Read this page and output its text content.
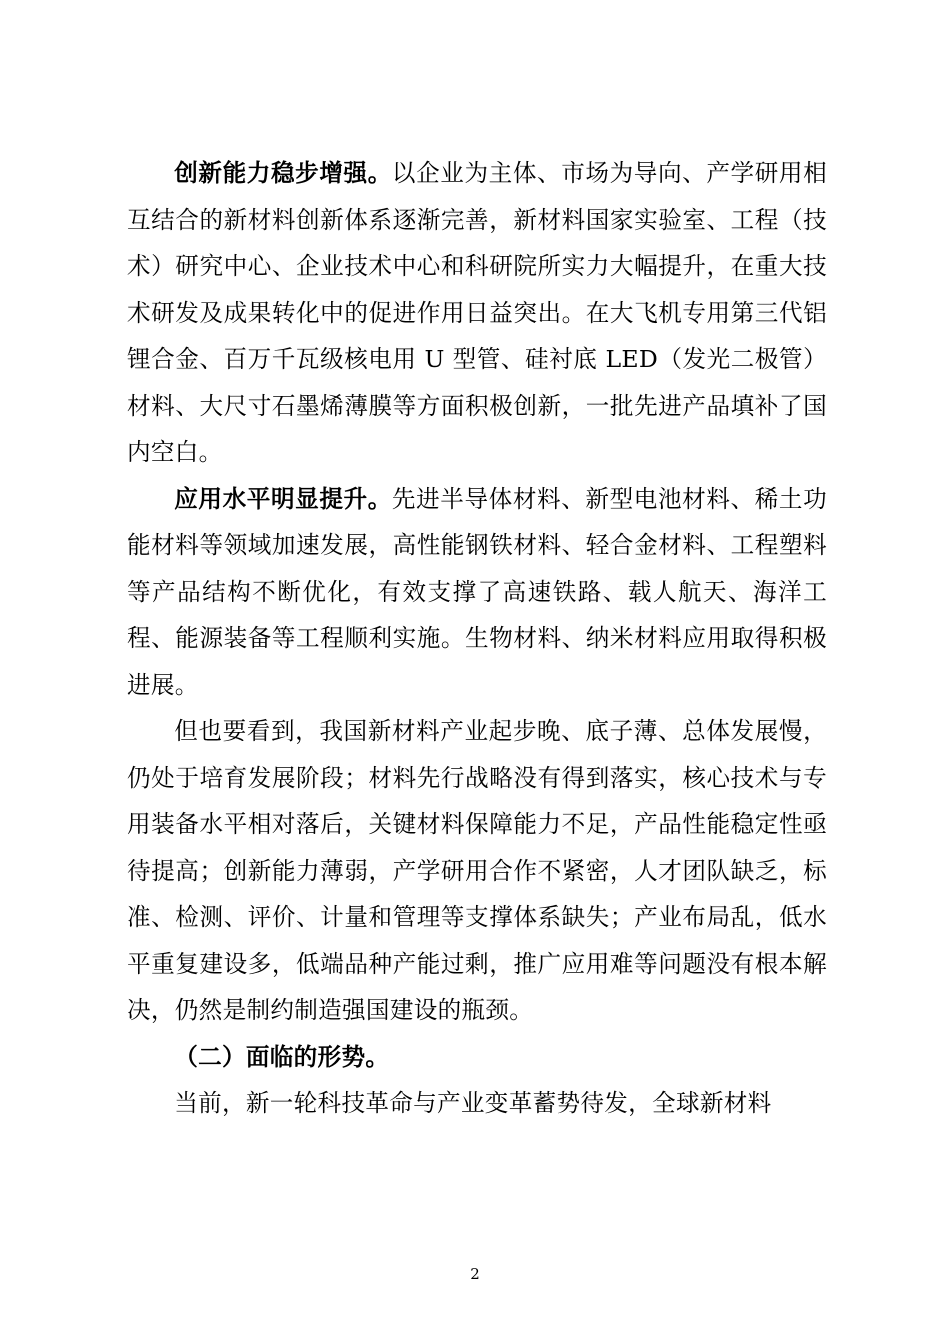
创新能力稳步增强。以企业为主体、市场为导向、产学研用相互结合的新材料创新体系逐渐完善，新材料国家实验室、工程（技术）研究中心、企业技术中心和科研院所实力大幅提升，在重大技术研发及成果转化中的促进作用日益突出。在大飞机专用第三代铝锂合金、百万千瓦级核电用 U 型管、硅衬底 LED（发光二极管）材料、大尺寸石墨烯薄膜等方面积极创新，一批先进产品填补了国内空白。

应用水平明显提升。先进半导体材料、新型电池材料、稀土功能材料等领域加速发展，高性能钢铁材料、轻合金材料、工程塑料等产品结构不断优化，有效支撑了高速铁路、载人航天、海洋工程、能源装备等工程顺利实施。生物材料、纳米材料应用取得积极进展。

但也要看到，我国新材料产业起步晚、底子薄、总体发展慢，仍处于培育发展阶段；材料先行战略没有得到落实，核心技术与专用装备水平相对落后，关键材料保障能力不足，产品性能稳定性亟待提高；创新能力薄弱，产学研用合作不紧密，人才团队缺乏，标准、检测、评价、计量和管理等支撑体系缺失；产业布局乱，低水平重复建设多，低端品种产能过剩，推广应用难等问题没有根本解决，仍然是制约制造强国建设的瓶颈。

（二）面临的形势。

当前，新一轮科技革命与产业变革蓄势待发，全球新材料

2
